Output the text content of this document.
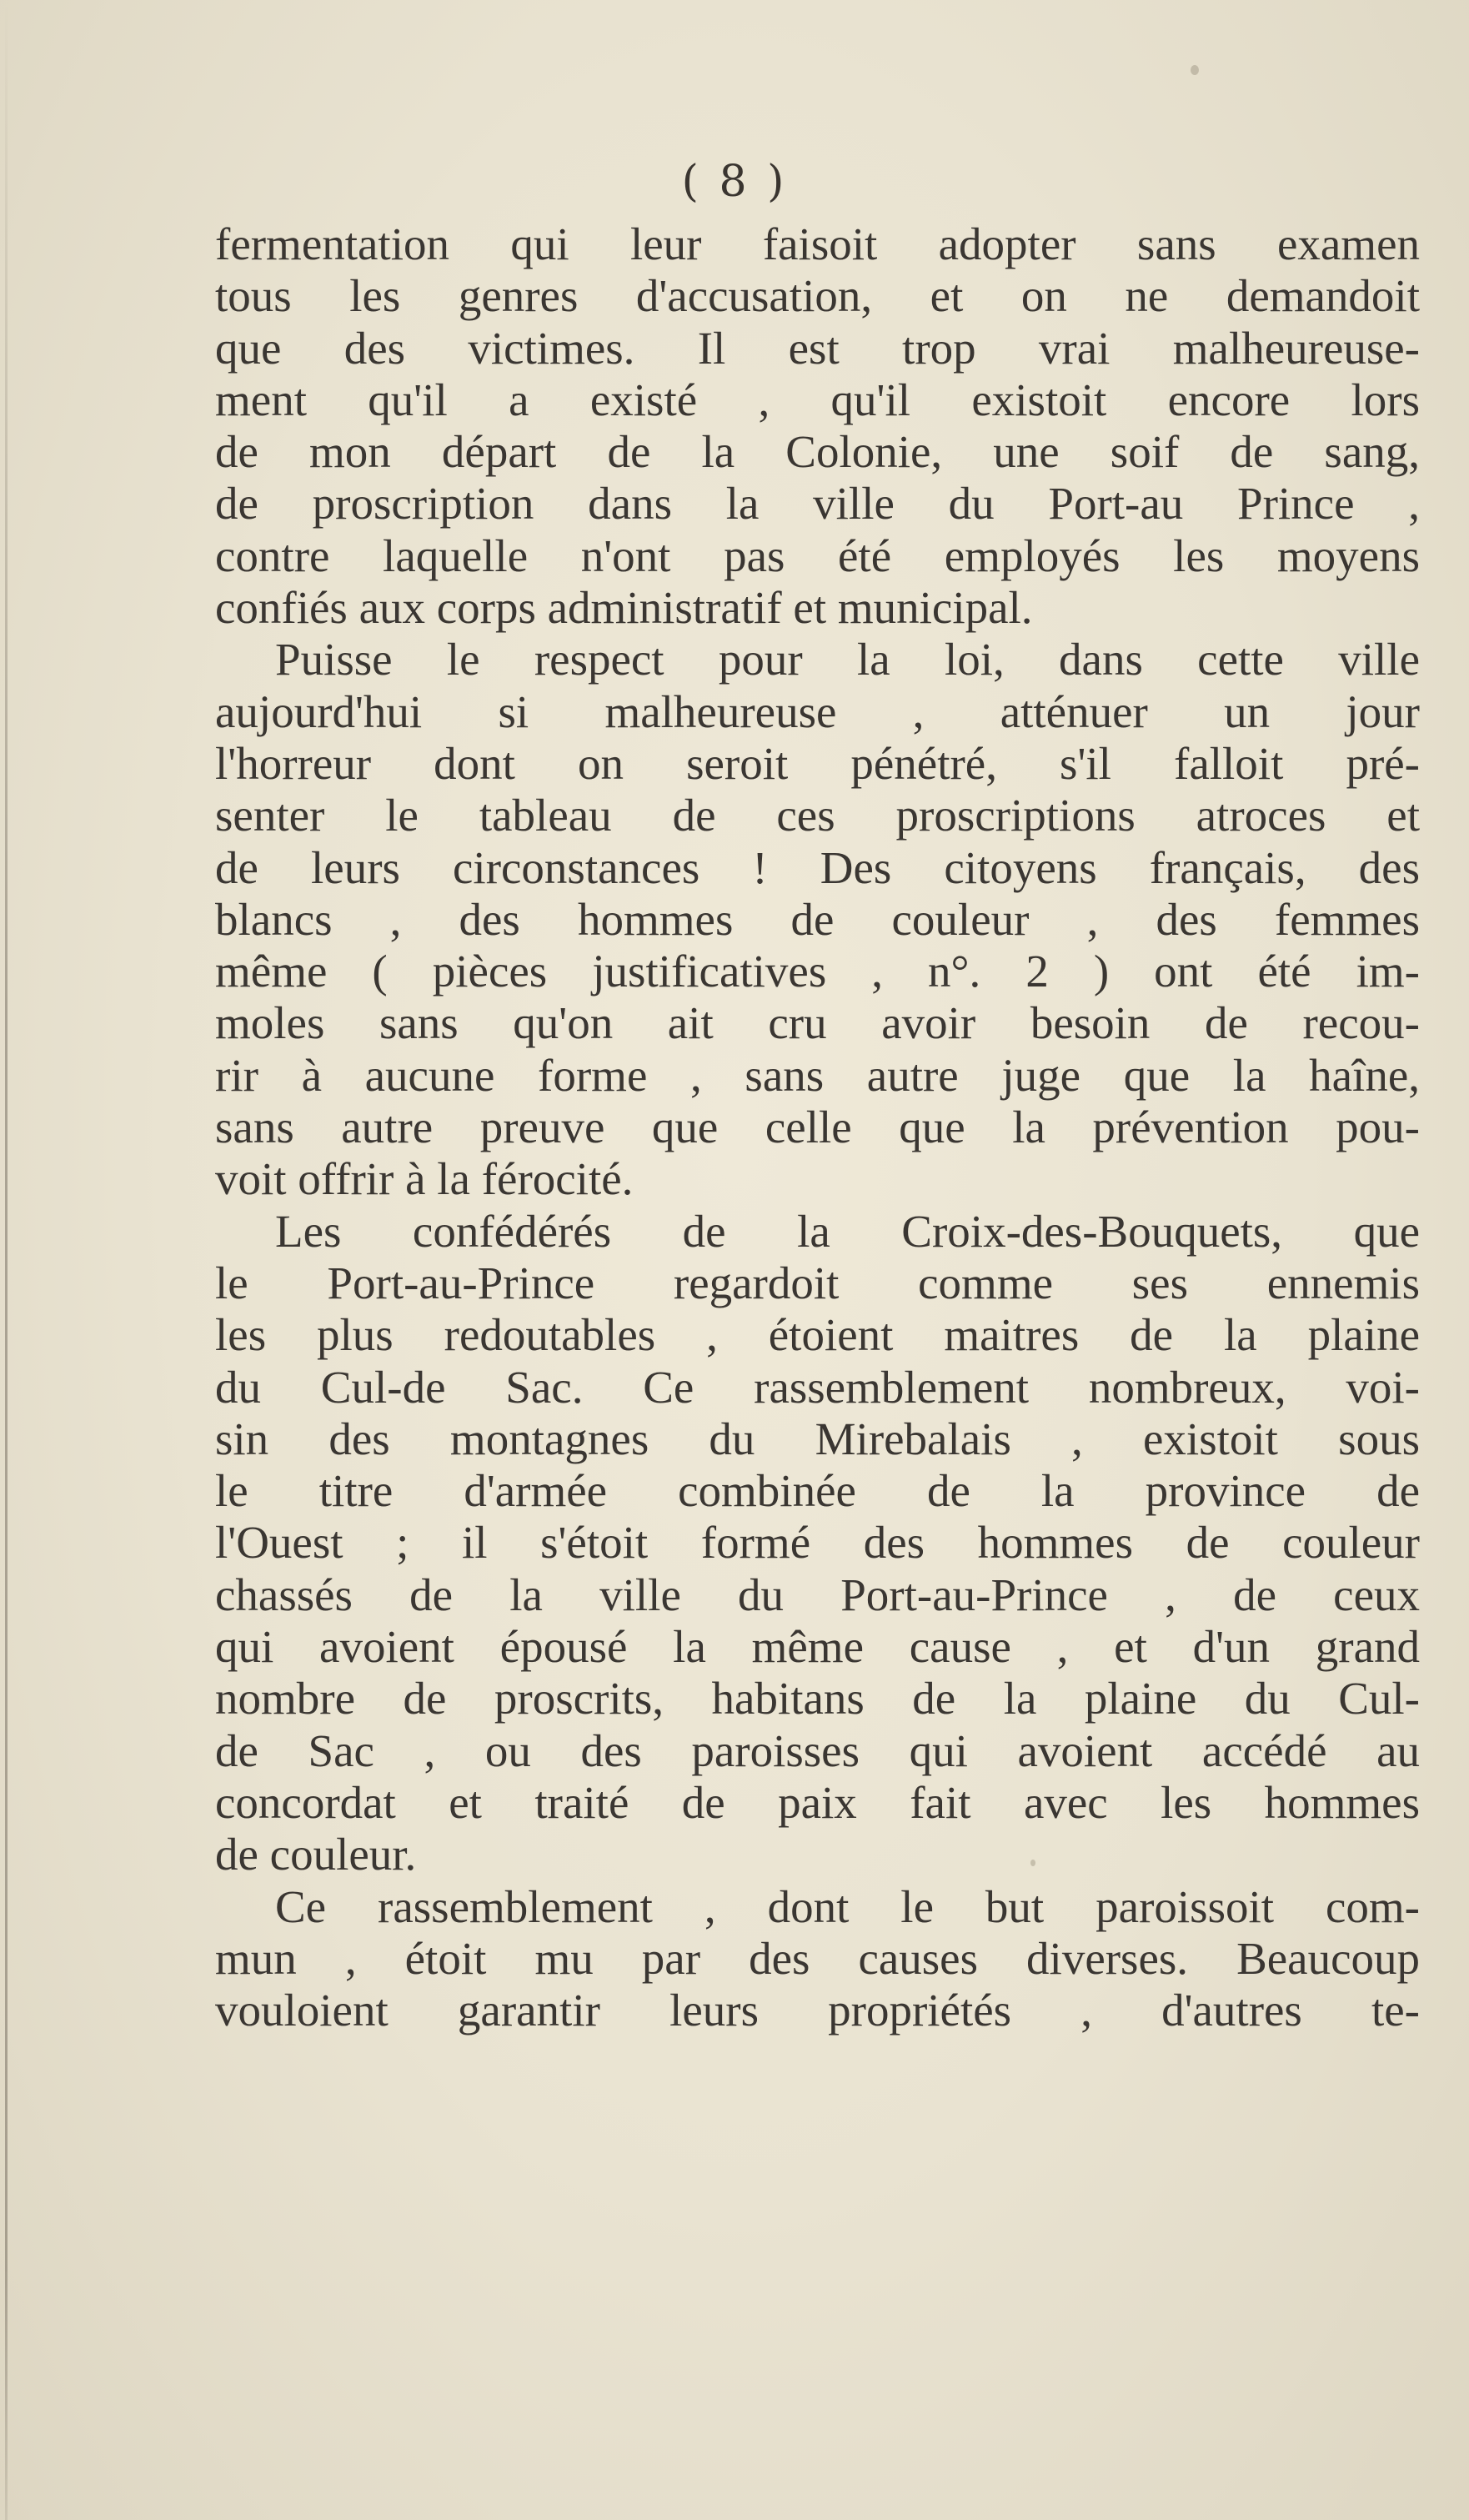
( 8 )
fermentation qui leur faisoit adopter sans examen
tous les genres d'accusation, et on ne demandoit
que des victimes. Il est trop vrai malheureuse-
ment qu'il a existé , qu'il existoit encore lors
de mon départ de la Colonie, une soif de sang,
de proscription dans la ville du Port-au Prince ,
contre laquelle n'ont pas été employés les moyens
confiés aux corps administratif et municipal.
Puisse le respect pour la loi, dans cette ville
aujourd'hui si malheureuse , atténuer un jour
l'horreur dont on seroit pénétré, s'il falloit pré-
senter le tableau de ces proscriptions atroces et
de leurs circonstances ! Des citoyens français, des
blancs , des hommes de couleur , des femmes
même ( pièces justificatives , n°. 2 ) ont été im-
moles sans qu'on ait cru avoir besoin de recou-
rir à aucune forme , sans autre juge que la haîne,
sans autre preuve que celle que la prévention pou-
voit offrir à la férocité.
Les confédérés de la Croix-des-Bouquets, que
le Port-au-Prince regardoit comme ses ennemis
les plus redoutables , étoient maitres de la plaine
du Cul-de Sac. Ce rassemblement nombreux, voi-
sin des montagnes du Mirebalais , existoit sous
le titre d'armée combinée de la province de
l'Ouest ; il s'étoit formé des hommes de couleur
chassés de la ville du Port-au-Prince , de ceux
qui avoient épousé la même cause , et d'un grand
nombre de proscrits, habitans de la plaine du Cul-
de Sac , ou des paroisses qui avoient accédé au
concordat et traité de paix fait avec les hommes
de couleur.
Ce rassemblement , dont le but paroissoit com-
mun , étoit mu par des causes diverses. Beaucoup
vouloient garantir leurs propriétés , d'autres te-
